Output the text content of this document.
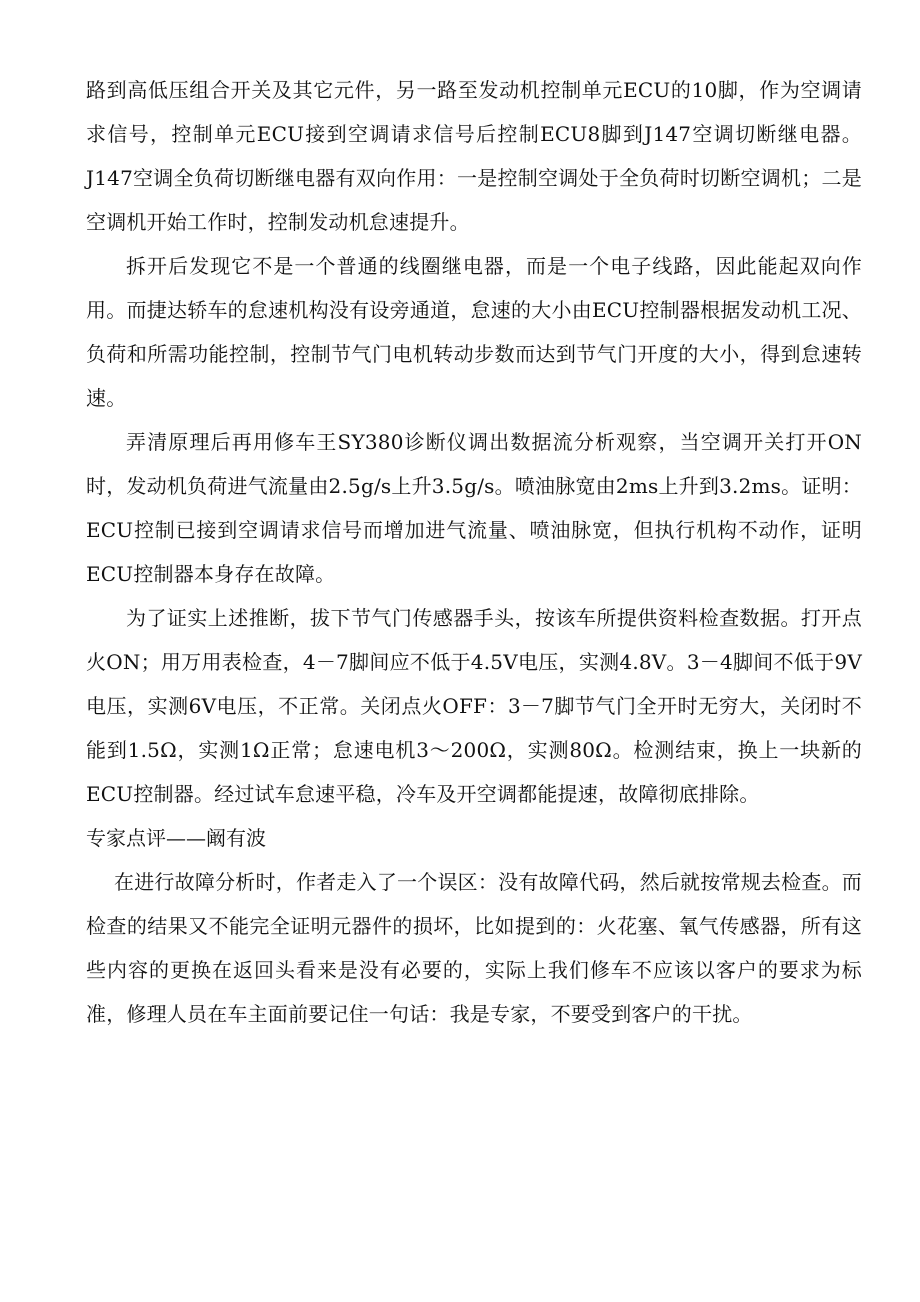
路到高低压组合开关及其它元件，另一路至发动机控制单元ECU的10脚，作为空调请求信号，控制单元ECU接到空调请求信号后控制ECU8脚到J147空调切断继电器。J147空调全负荷切断继电器有双向作用：一是控制空调处于全负荷时切断空调机；二是空调机开始工作时，控制发动机怠速提升。

拆开后发现它不是一个普通的线圈继电器，而是一个电子线路，因此能起双向作用。而捷达轿车的怠速机构没有设旁通道，怠速的大小由ECU控制器根据发动机工况、负荷和所需功能控制，控制节气门电机转动步数而达到节气门开度的大小，得到怠速转速。

弄清原理后再用修车王SY380诊断仪调出数据流分析观察，当空调开关打开ON时，发动机负荷进气流量由2.5g/s上升3.5g/s。喷油脉宽由2ms上升到3.2ms。证明：ECU控制已接到空调请求信号而增加进气流量、喷油脉宽，但执行机构不动作，证明ECU控制器本身存在故障。

为了证实上述推断，拔下节气门传感器手头，按该车所提供资料检查数据。打开点火ON；用万用表检查，4－7脚间应不低于4.5V电压，实测4.8V。3－4脚间不低于9V电压，实测6V电压，不正常。关闭点火OFF：3－7脚节气门全开时无穷大，关闭时不能到1.5Ω，实测1Ω正常；怠速电机3～200Ω，实测80Ω。检测结束，换上一块新的ECU控制器。经过试车怠速平稳，冷车及开空调都能提速，故障彻底排除。

专家点评——阚有波

在进行故障分析时，作者走入了一个误区：没有故障代码，然后就按常规去检查。而检查的结果又不能完全证明元器件的损坏，比如提到的：火花塞、氧气传感器，所有这些内容的更换在返回头看来是没有必要的，实际上我们修车不应该以客户的要求为标准，修理人员在车主面前要记住一句话：我是专家，不要受到客户的干扰。
